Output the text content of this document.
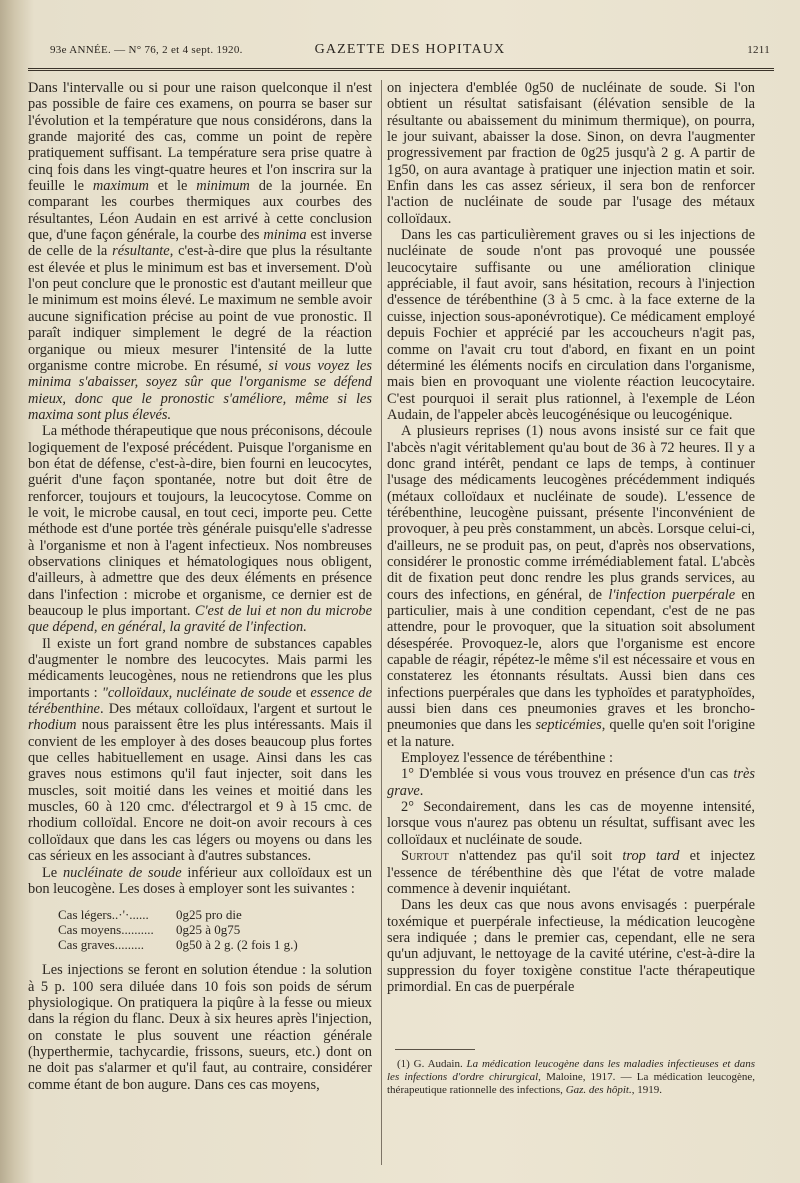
93e ANNÉE. — N° 76, 2 et 4 sept. 1920.	GAZETTE DES HOPITAUX	1211

Dans l'intervalle ou si pour une raison quelconque il n'est pas possible de faire ces examens, on pourra se baser sur l'évolution et la température que nous considérons, dans la grande majorité des cas, comme un point de repère pratiquement suffisant. La température sera prise quatre à cinq fois dans les vingt-quatre heures et l'on inscrira sur la feuille le maximum et le minimum de la journée. En comparant les courbes thermiques aux courbes des résultantes, Léon Audain en est arrivé à cette conclusion que, d'une façon générale, la courbe des minima est inverse de celle de la résultante, c'est-à-dire que plus la résultante est élevée et plus le minimum est bas et inversement. D'où l'on peut conclure que le pronostic est d'autant meilleur que le minimum est moins élevé. Le maximum ne semble avoir aucune signification précise au point de vue pronostic. Il paraît indiquer simplement le degré de la réaction organique ou mieux mesurer l'intensité de la lutte organisme contre microbe. En résumé, si vous voyez les minima s'abaisser, soyez sûr que l'organisme se défend mieux, donc que le pronostic s'améliore, même si les maxima sont plus élevés.

La méthode thérapeutique que nous préconisons, découle logiquement de l'exposé précédent. Puisque l'organisme en bon état de défense, c'est-à-dire, bien fourni en leucocytes, guérit d'une façon spontanée, notre but doit être de renforcer, toujours et toujours, la leucocytose. Comme on le voit, le microbe causal, en tout ceci, importe peu. Cette méthode est d'une portée très générale puisqu'elle s'adresse à l'organisme et non à l'agent infectieux. Nos nombreuses observations cliniques et hématologiques nous obligent, d'ailleurs, à admettre que des deux éléments en présence dans l'infection : microbe et organisme, ce dernier est de beaucoup le plus important. C'est de lui et non du microbe que dépend, en général, la gravité de l'infection.

Il existe un fort grand nombre de substances capables d'augmenter le nombre des leucocytes. Mais parmi les médicaments leucogènes, nous ne retiendrons que les plus importants : "colloïdaux, nucléinate de soude et essence de térébenthine. Des métaux colloïdaux, l'argent et surtout le rhodium nous paraissent être les plus intéressants. Mais il convient de les employer à des doses beaucoup plus fortes que celles habituellement en usage. Ainsi dans les cas graves nous estimons qu'il faut injecter, soit dans les muscles, soit moitié dans les veines et moitié dans les muscles, 60 à 120 cmc. d'électrargol et 9 à 15 cmc. de rhodium colloïdal. Encore ne doit-on avoir recours à ces colloïdaux que dans les cas légers ou moyens ou dans les cas sérieux en les associant à d'autres substances.

Le nucléinate de soude inférieur aux colloïdaux est un bon leucogène. Les doses à employer sont les suivantes :

Cas légers..·'·......	0g25 pro die
Cas moyens..........	0g25 à 0g75
Cas graves.........	0g50 à 2 g. (2 fois 1 g.)

Les injections se feront en solution étendue : la solution à 5 p. 100 sera diluée dans 10 fois son poids de sérum physiologique. On pratiquera la piqûre à la fesse ou mieux dans la région du flanc. Deux à six heures après l'injection, on constate le plus souvent une réaction générale (hyperthermie, tachycardie, frissons, sueurs, etc.) dont on ne doit pas s'alarmer et qu'il faut, au contraire, considérer comme étant de bon augure. Dans ces cas moyens,

on injectera d'emblée 0g50 de nucléinate de soude. Si l'on obtient un résultat satisfaisant (élévation sensible de la résultante ou abaissement du minimum thermique), on pourra, le jour suivant, abaisser la dose. Sinon, on devra l'augmenter progressivement par fraction de 0g25 jusqu'à 2 g. A partir de 1g50, on aura avantage à pratiquer une injection matin et soir. Enfin dans les cas assez sérieux, il sera bon de renforcer l'action de nucléinate de soude par l'usage des métaux colloïdaux.

Dans les cas particulièrement graves ou si les injections de nucléinate de soude n'ont pas provoqué une poussée leucocytaire suffisante ou une amélioration clinique appréciable, il faut avoir, sans hésitation, recours à l'injection d'essence de térébenthine (3 à 5 cmc. à la face externe de la cuisse, injection sous-aponévrotique). Ce médicament employé depuis Fochier et apprécié par les accoucheurs n'agit pas, comme on l'avait cru tout d'abord, en fixant en un point déterminé les éléments nocifs en circulation dans l'organisme, mais bien en provoquant une violente réaction leucocytaire. C'est pourquoi il serait plus rationnel, à l'exemple de Léon Audain, de l'appeler abcès leucogénésique ou leucogénique.

A plusieurs reprises (1) nous avons insisté sur ce fait que l'abcès n'agit véritablement qu'au bout de 36 à 72 heures. Il y a donc grand intérêt, pendant ce laps de temps, à continuer l'usage des médicaments leucogènes précédemment indiqués (métaux colloïdaux et nucléinate de soude). L'essence de térébenthine, leucogène puissant, présente l'inconvénient de provoquer, à peu près constamment, un abcès. Lorsque celui-ci, d'ailleurs, ne se produit pas, on peut, d'après nos observations, considérer le pronostic comme irrémédiablement fatal. L'abcès dit de fixation peut donc rendre les plus grands services, au cours des infections, en général, de l'infection puerpérale en particulier, mais à une condition cependant, c'est de ne pas attendre, pour le provoquer, que la situation soit absolument désespérée. Provoquez-le, alors que l'organisme est encore capable de réagir, répétez-le même s'il est nécessaire et vous en constaterez les étonnants résultats. Aussi bien dans ces infections puerpérales que dans les typhoïdes et paratyphoïdes, aussi bien dans ces pneumonies graves et les broncho-pneumonies que dans les septicémies, quelle qu'en soit l'origine et la nature.

Employez l'essence de térébenthine :

1° D'emblée si vous vous trouvez en présence d'un cas très grave.

2° Secondairement, dans les cas de moyenne intensité, lorsque vous n'aurez pas obtenu un résultat, suffisant avec les colloïdaux et nucléinate de soude.

Surtout n'attendez pas qu'il soit trop tard et injectez l'essence de térébenthine dès que l'état de votre malade commence à devenir inquiétant.

Dans les deux cas que nous avons envisagés : puerpérale toxémique et puerpérale infectieuse, la médication leucogène sera indiquée ; dans le premier cas, cependant, elle ne sera qu'un adjuvant, le nettoyage de la cavité utérine, c'est-à-dire la suppression du foyer toxigène constitue l'acte thérapeutique primordial. En cas de puerpérale

(1) G. Audain. La médication leucogène dans les maladies infectieuses et dans les infections d'ordre chirurgical, Maloine, 1917. — La médication leucogène, thérapeutique rationnelle des infections, Gaz. des hôpit., 1919.
